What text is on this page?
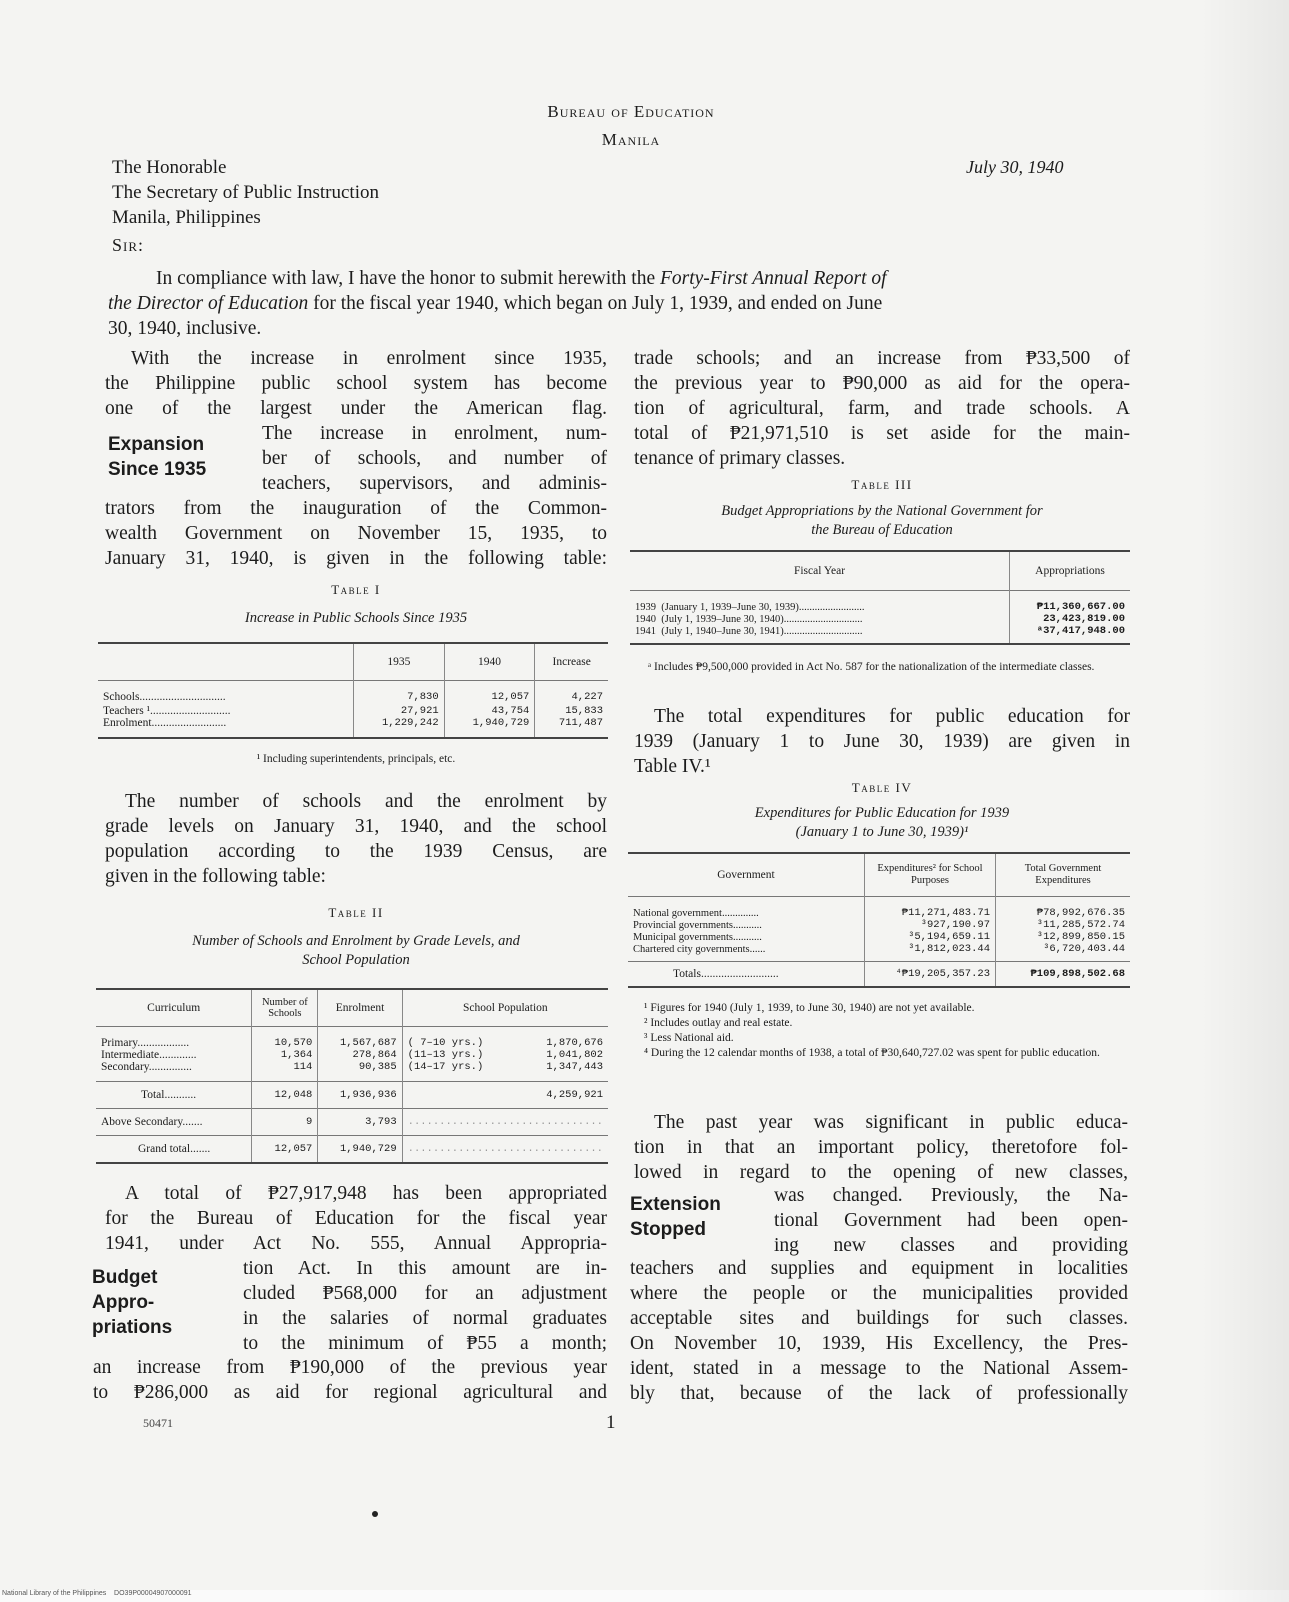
Bureau of Education
Manila
The Honorable
The Secretary of Public Instruction
Manila, Philippines
July 30, 1940
Sir:
In compliance with law, I have the honor to submit herewith the Forty-First Annual Report of
the Director of Education for the fiscal year 1940, which began on July 1, 1939, and ended on June
30, 1940, inclusive.
With the increase in enrolment since 1935,
the Philippine public school system has become
one of the largest under the American flag.
Expansion
Since 1935
The increase in enrolment, num-
ber of schools, and number of
teachers, supervisors, and adminis-
trators from the inauguration of the Common-
wealth Government on November 15, 1935, to
January 31, 1940, is given in the following table:
Table I
Increase in Public Schools Since 1935
	1935	1940	Increase
Schools..............................	7,830	12,057	4,227
Teachers ¹............................	27,921	43,754	15,833
Enrolment..........................	1,229,242	1,940,729	711,487

¹ Including superintendents, principals, etc.
The number of schools and the enrolment by
grade levels on January 31, 1940, and the school
population according to the 1939 Census, are
given in the following table:
Table II
Number of Schools and Enrolment by Grade Levels, and
School Population
Curriculum	Number of Schools	Enrolment	School Population	
Primary..................	10,570	1,567,687	( 7–10 yrs.)	1,870,676
Intermediate.............	1,364	278,864	(11–13 yrs.)	1,041,802
Secondary...............	114	90,385	(14–17 yrs.)	1,347,443
Total...........	12,048	1,936,936	4,259,921	
Above Secondary.......	9	3,793	...............................	
Grand total.......	12,057	1,940,729	...............................	

A total of ₱27,917,948 has been appropriated
for the Bureau of Education for the fiscal year
1941, under Act No. 555, Annual Appropria-
Budget
Appro-
priations
tion Act. In this amount are in-
cluded ₱568,000 for an adjustment
in the salaries of normal graduates
to the minimum of ₱55 a month;
an increase from ₱190,000 of the previous year
to ₱286,000 as aid for regional agricultural and
trade schools; and an increase from ₱33,500 of
the previous year to ₱90,000 as aid for the opera-
tion of agricultural, farm, and trade schools. A
total of ₱21,971,510 is set aside for the main-
tenance of primary classes.
Table III
Budget Appropriations by the National Government for
the Bureau of Education
Fiscal Year	Appropriations
1939  (January 1, 1939–June 30, 1939).........................	₱11,360,667.00
1940  (July 1, 1939–June 30, 1940)..............................	23,423,819.00
1941  (July 1, 1940–June 30, 1941)..............................	ᵃ37,417,948.00

ᵃ Includes ₱9,500,000 provided in Act No. 587 for the nationalization of the intermediate classes.
The total expenditures for public education for
1939 (January 1 to June 30, 1939) are given in
Table IV.¹
Table IV
Expenditures for Public Education for 1939
(January 1 to June 30, 1939)¹
Government	Expenditures² for School Purposes	Total Government Expenditures
National government..............	₱11,271,483.71	₱78,992,676.35
Provincial governments...........	³927,190.97	³11,285,572.74
Municipal governments...........	³5,194,659.11	³12,899,850.15
Chartered city governments......	³1,812,023.44	³6,720,403.44
Totals...........................	⁴₱19,205,357.23	₱109,898,502.68

¹ Figures for 1940 (July 1, 1939, to June 30, 1940) are not yet available.
² Includes outlay and real estate.
³ Less National aid.
⁴ During the 12 calendar months of 1938, a total of ₱30,640,727.02 was spent for public education.
The past year was significant in public educa-
tion in that an important policy, theretofore fol-
lowed in regard to the opening of new classes,
Extension
Stopped
was changed. Previously, the Na-
tional Government had been open-
ing new classes and providing
teachers and supplies and equipment in localities
where the people or the municipalities provided
acceptable sites and buildings for such classes.
On November 10, 1939, His Excellency, the Pres-
ident, stated in a message to the National Assem-
bly that, because of the lack of professionally
50471	1
National Library of the Philippines    DO39P00004907000091
